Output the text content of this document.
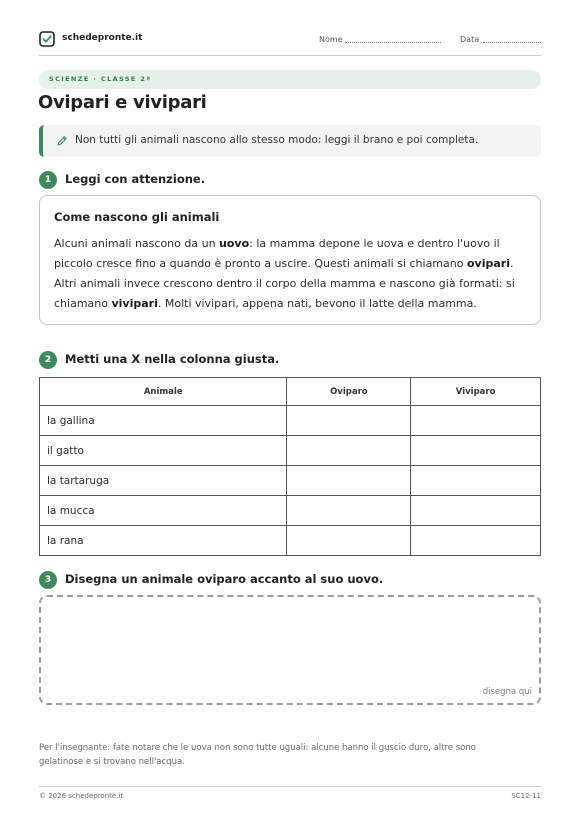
schedepronte.it	Nome	Data
SCIENZE · CLASSE 2ª
Ovipari e vivipari
Non tutti gli animali nascono allo stesso modo: leggi il brano e poi completa.
1	Leggi con attenzione.
Come nascono gli animali

Alcuni animali nascono da un uovo: la mamma depone le uova e dentro l'uovo il piccolo cresce fino a quando è pronto a uscire. Questi animali si chiamano ovipari. Altri animali invece crescono dentro il corpo della mamma e nascono già formati: si chiamano vivipari. Molti vivipari, appena nati, bevono il latte della mamma.

2	Metti una X nella colonna giusta.
Animale	Oviparo	Viviparo
la gallina		
il gatto		
la tartaruga		
la mucca		
la rana		
3	Disegna un animale oviparo accanto al suo uovo.
disegna qui
Per l'insegnante: fate notare che le uova non sono tutte uguali: alcune hanno il guscio duro, altre sono gelatinose e si trovano nell'acqua.
© 2026 schedepronte.it	SC12-11
